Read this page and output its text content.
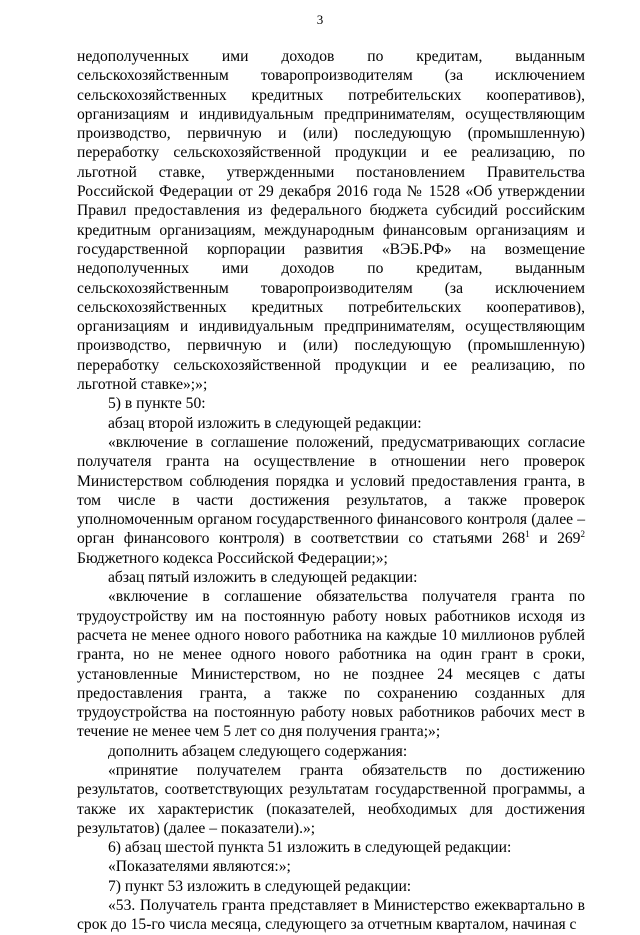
3

недополученных ими доходов по кредитам, выданным сельскохозяйственным товаропроизводителям (за исключением сельскохозяйственных кредитных потребительских кооперативов), организациям и индивидуальным предпринимателям, осуществляющим производство, первичную и (или) последующую (промышленную) переработку сельскохозяйственной продукции и ее реализацию, по льготной ставке, утвержденными постановлением Правительства Российской Федерации от 29 декабря 2016 года № 1528 «Об утверждении Правил предоставления из федерального бюджета субсидий российским кредитным организациям, международным финансовым организациям и государственной корпорации развития «ВЭБ.РФ» на возмещение недополученных ими доходов по кредитам, выданным сельскохозяйственным товаропроизводителям (за исключением сельскохозяйственных кредитных потребительских кооперативов), организациям и индивидуальным предпринимателям, осуществляющим производство, первичную и (или) последующую (промышленную) переработку сельскохозяйственной продукции и ее реализацию, по льготной ставке»;»;

5) в пункте 50:

абзац второй изложить в следующей редакции:

«включение в соглашение положений, предусматривающих согласие получателя гранта на осуществление в отношении него проверок Министерством соблюдения порядка и условий предоставления гранта, в том числе в части достижения результатов, а также проверок уполномоченным органом государственного финансового контроля (далее – орган финансового контроля) в соответствии со статьями $268^1$ и $269^2$ Бюджетного кодекса Российской Федерации;»;

абзац пятый изложить в следующей редакции:

«включение в соглашение обязательства получателя гранта по трудоустройству им на постоянную работу новых работников исходя из расчета не менее одного нового работника на каждые 10 миллионов рублей гранта, но не менее одного нового работника на один грант в сроки, установленные Министерством, но не позднее 24 месяцев с даты предоставления гранта, а также по сохранению созданных для трудоустройства на постоянную работу новых работников рабочих мест в течение не менее чем 5 лет со дня получения гранта;»;

дополнить абзацем следующего содержания:

«принятие получателем гранта обязательств по достижению результатов, соответствующих результатам государственной программы, а также их характеристик (показателей, необходимых для достижения результатов) (далее – показатели).»;

6) абзац шестой пункта 51 изложить в следующей редакции:

«Показателями являются:»;

7) пункт 53 изложить в следующей редакции:

«53. Получатель гранта представляет в Министерство ежеквартально в срок до 15-го числа месяца, следующего за отчетным кварталом, начиная с
